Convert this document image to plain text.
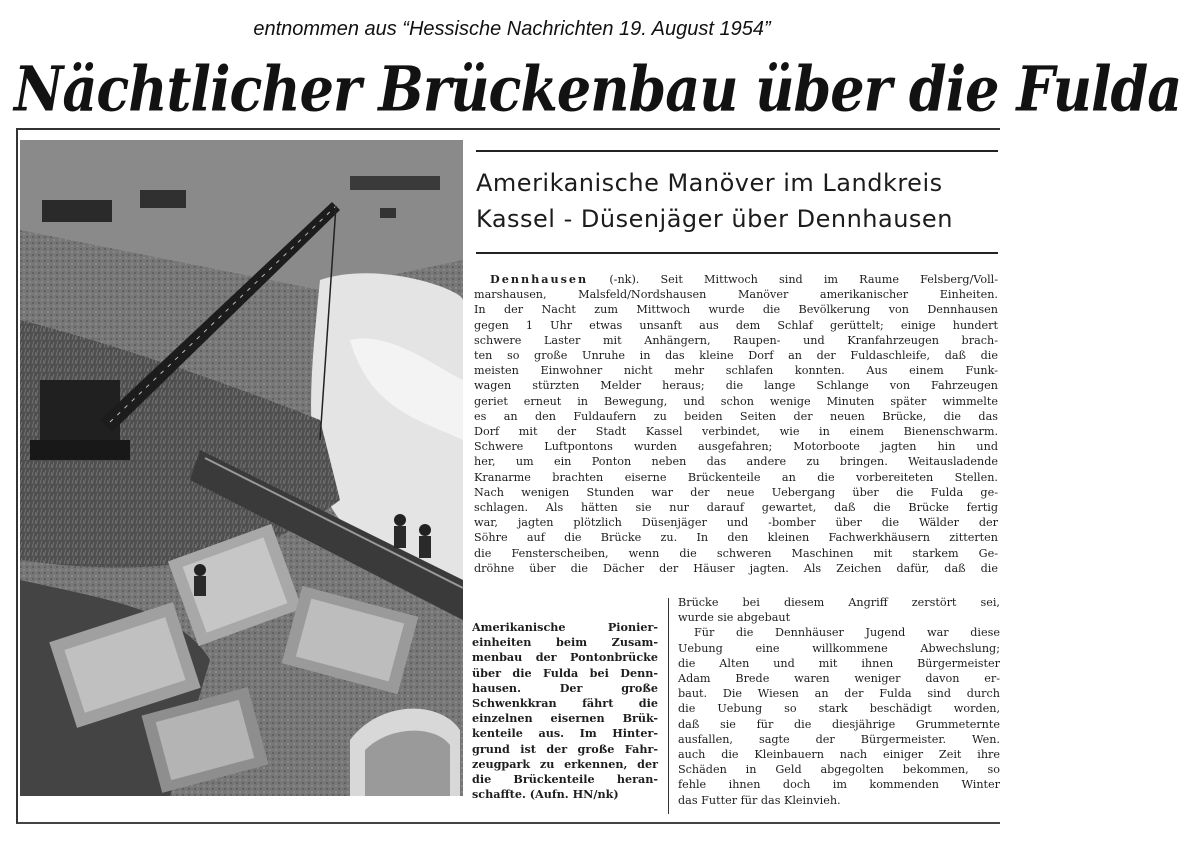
entnommen aus “Hessische Nachrichten 19. August 1954”
Nächtlicher Brückenbau über die Fulda
Amerikanische Manöver im Landkreis
Kassel - Düsenjäger über Dennhausen
Dennhausen (-nk). Seit Mittwoch sind im Raume Felsberg/Voll-
marshausen, Malsfeld/Nordshausen Manöver amerikanischer Einheiten.
In der Nacht zum Mittwoch wurde die Bevölkerung von Dennhausen
gegen 1 Uhr etwas unsanft aus dem Schlaf gerüttelt; einige hundert
schwere Laster mit Anhängern, Raupen- und Kranfahrzeugen brach-
ten so große Unruhe in das kleine Dorf an der Fuldaschleife, daß die
meisten Einwohner nicht mehr schlafen konnten. Aus einem Funk-
wagen stürzten Melder heraus; die lange Schlange von Fahrzeugen
geriet erneut in Bewegung, und schon wenige Minuten später wimmelte
es an den Fuldaufern zu beiden Seiten der neuen Brücke, die das
Dorf mit der Stadt Kassel verbindet, wie in einem Bienenschwarm.
Schwere Luftpontons wurden ausgefahren; Motorboote jagten hin und
her, um ein Ponton neben das andere zu bringen. Weitausladende
Kranarme brachten eiserne Brückenteile an die vorbereiteten Stellen.
Nach wenigen Stunden war der neue Uebergang über die Fulda ge-
schlagen. Als hätten sie nur darauf gewartet, daß die Brücke fertig
war, jagten plötzlich Düsenjäger und -bomber über die Wälder der
Söhre auf die Brücke zu. In den kleinen Fachwerkhäusern zitterten
die Fensterscheiben, wenn die schweren Maschinen mit starkem Ge-
dröhne über die Dächer der Häuser jagten. Als Zeichen dafür, daß die
Amerikanische Pionier-
einheiten beim Zusam-
menbau der Pontonbrücke
über die Fulda bei Denn-
hausen. Der große
Schwenkkran fährt die
einzelnen eisernen Brük-
kenteile aus. Im Hinter-
grund ist der große Fahr-
zeugpark zu erkennen, der
die Brückenteile heran-
schaffte. (Aufn. HN/nk)
Brücke bei diesem Angriff zerstört sei,
wurde sie abgebaut
Für die Dennhäuser Jugend war diese
Uebung eine willkommene Abwechslung;
die Alten und mit ihnen Bürgermeister
Adam Brede waren weniger davon er-
baut. Die Wiesen an der Fulda sind durch
die Uebung so stark beschädigt worden,
daß sie für die diesjährige Grummeternte
ausfallen, sagte der Bürgermeister. Wen.
auch die Kleinbauern nach einiger Zeit ihre
Schäden in Geld abgegolten bekommen, so
fehle ihnen doch im kommenden Winter
das Futter für das Kleinvieh.
